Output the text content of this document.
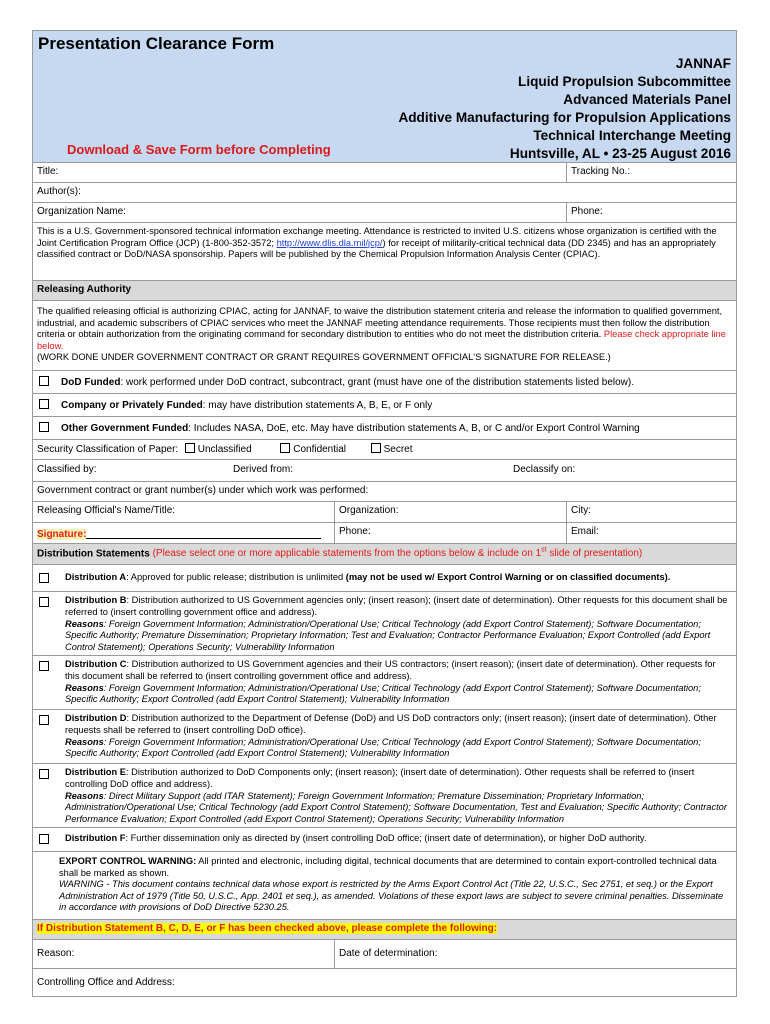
Presentation Clearance Form
JANNAF
Liquid Propulsion Subcommittee
Advanced Materials Panel
Additive Manufacturing for Propulsion Applications
Technical Interchange Meeting
Huntsville, AL • 23-25 August 2016
Download & Save Form before Completing
Title:	Tracking No.:
Author(s):
Organization Name:	Phone:
This is a U.S. Government-sponsored technical information exchange meeting. Attendance is restricted to invited U.S. citizens whose organization is certified with the Joint Certification Program Office (JCP) (1-800-352-3572; http://www.dlis.dla.mil/jcp/) for receipt of militarily-critical technical data (DD 2345) and has an appropriately classified contract or DoD/NASA sponsorship. Papers will be published by the Chemical Propulsion Information Analysis Center (CPIAC).
Releasing Authority
The qualified releasing official is authorizing CPIAC, acting for JANNAF, to waive the distribution statement criteria and release the information to qualified government, industrial, and academic subscribers of CPIAC services who meet the JANNAF meeting attendance requirements. Those recipients must then follow the distribution criteria or obtain authorization from the originating command for secondary distribution to entities who do not meet the distribution criteria. Please check appropriate line below.
(WORK DONE UNDER GOVERNMENT CONTRACT OR GRANT REQUIRES GOVERNMENT OFFICIAL'S SIGNATURE FOR RELEASE.)
DoD Funded: work performed under DoD contract, subcontract, grant (must have one of the distribution statements listed below).
Company or Privately Funded: may have distribution statements A, B, E, or F only
Other Government Funded: Includes NASA, DoE, etc. May have distribution statements A, B, or C and/or Export Control Warning
Security Classification of Paper: Unclassified	Confidential	Secret
Classified by:	Derived from:	Declassify on:
Government contract or grant number(s) under which work was performed:
Releasing Official's Name/Title:	Organization:	City:
Signature:	Phone:	Email:
Distribution Statements (Please select one or more applicable statements from the options below & include on 1st slide of presentation)
Distribution A: Approved for public release; distribution is unlimited (may not be used w/ Export Control Warning or on classified documents).
Distribution B: Distribution authorized to US Government agencies only; (insert reason); (insert date of determination). Other requests for this document shall be referred to (insert controlling government office and address).
Reasons: Foreign Government Information; Administration/Operational Use; Critical Technology (add Export Control Statement); Software Documentation; Specific Authority; Premature Dissemination; Proprietary Information; Test and Evaluation; Contractor Performance Evaluation; Export Controlled (add Export Control Statement); Operations Security; Vulnerability Information
Distribution C: Distribution authorized to US Government agencies and their US contractors; (insert reason); (insert date of determination). Other requests for this document shall be referred to (insert controlling government office and address).
Reasons: Foreign Government Information; Administration/Operational Use; Critical Technology (add Export Control Statement); Software Documentation; Specific Authority; Export Controlled (add Export Control Statement); Vulnerability Information
Distribution D: Distribution authorized to the Department of Defense (DoD) and US DoD contractors only; (insert reason); (insert date of determination). Other requests shall be referred to (insert controlling DoD office).
Reasons: Foreign Government Information; Administration/Operational Use; Critical Technology (add Export Control Statement); Software Documentation; Specific Authority; Export Controlled (add Export Control Statement); Vulnerability Information
Distribution E: Distribution authorized to DoD Components only; (insert reason); (insert date of determination). Other requests shall be referred to (insert controlling DoD office and address).
Reasons: Direct Military Support (add ITAR Statement); Foreign Government Information; Premature Dissemination; Proprietary Information; Administration/Operational Use; Critical Technology (add Export Control Statement); Software Documentation, Test and Evaluation; Specific Authority; Contractor Performance Evaluation; Export Controlled (add Export Control Statement); Operations Security; Vulnerability Information
Distribution F: Further dissemination only as directed by (insert controlling DoD office; (insert date of determination), or higher DoD authority.
EXPORT CONTROL WARNING: All printed and electronic, including digital, technical documents that are determined to contain export-controlled technical data shall be marked as shown.
WARNING - This document contains technical data whose export is restricted by the Arms Export Control Act (Title 22, U.S.C., Sec 2751, et seq.) or the Export Administration Act of 1979 (Title 50, U.S.C., App. 2401 et seq.), as amended. Violations of these export laws are subject to severe criminal penalties. Disseminate in accordance with provisions of DoD Directive 5230.25.
If Distribution Statement B, C, D, E, or F has been checked above, please complete the following:
Reason:	Date of determination:
Controlling Office and Address:
